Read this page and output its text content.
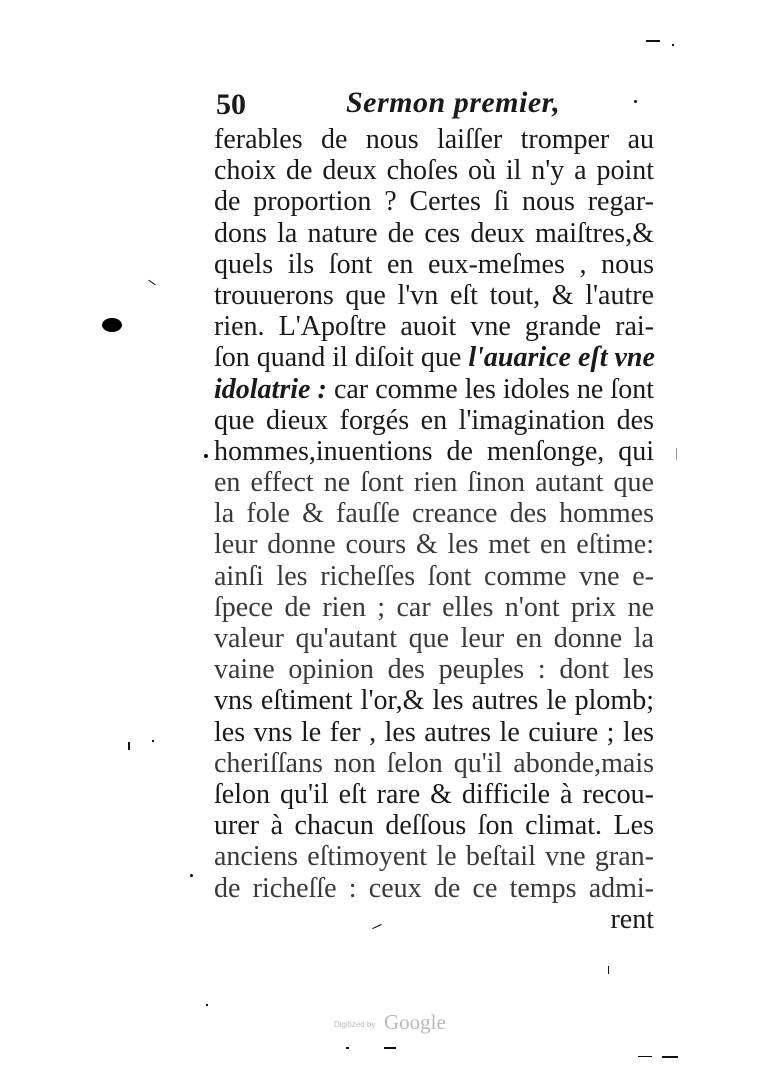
50	Sermon premier,
ferables de nous laiſſer tromper au
choix de deux choſes où il n'y a point
de proportion ? Certes ſi nous regar-
dons la nature de ces deux maiſtres,&
quels ils ſont en eux-meſmes , nous
trouuerons que l'vn eſt tout, & l'autre
rien. L'Apoſtre auoit vne grande rai-
ſon quand il diſoit que l'auarice eſt vne
idolatrie : car comme les idoles ne ſont
que dieux forgés en l'imagination des
hommes,inuentions de menſonge, qui
en effect ne ſont rien ſinon autant que
la fole & fauſſe creance des hommes
leur donne cours & les met en eſtime:
ainſi les richeſſes ſont comme vne e-
ſpece de rien ; car elles n'ont prix ne
valeur qu'autant que leur en donne la
vaine opinion des peuples : dont les
vns eſtiment l'or,& les autres le plomb;
les vns le fer , les autres le cuiure ; les
cheriſſans non ſelon qu'il abonde,mais
ſelon qu'il eſt rare & difficile à recou-
urer à chacun deſſous ſon climat. Les
anciens eſtimoyent le beſtail vne gran-
de richeſſe : ceux de ce temps admi-
rent
Digitized by Google
